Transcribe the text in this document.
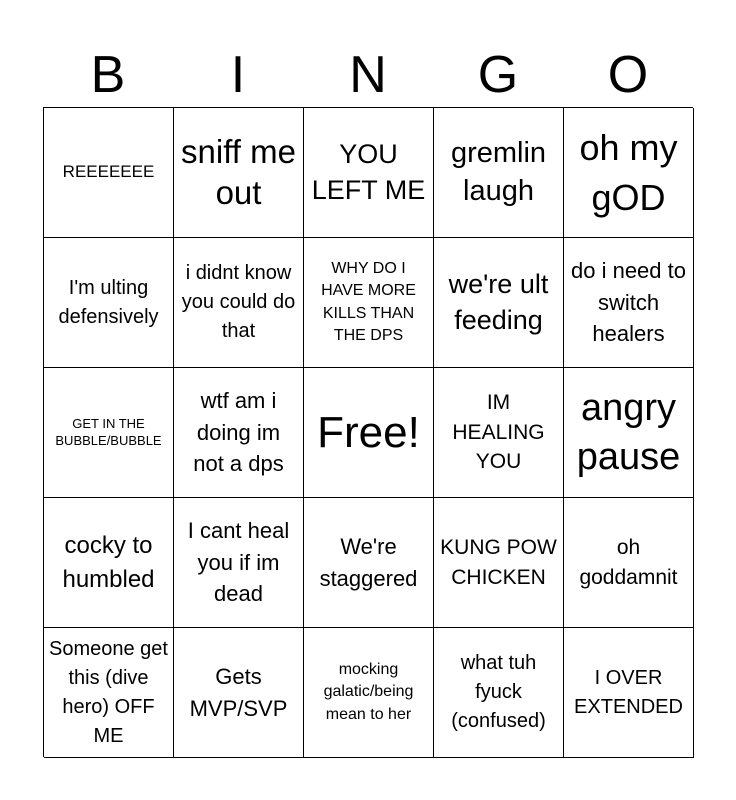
B	I	N	G	O
REEEEEEE
sniff me out
YOU LEFT ME
gremlin laugh
oh my gOD
I'm ulting defensively
i didnt know you could do that
WHY DO I HAVE MORE KILLS THAN THE DPS
we're ult feeding
do i need to switch healers
GET IN THE BUBBLE/BUBBLE
wtf am i doing im not a dps
Free!
IM HEALING YOU
angry pause
cocky to humbled
I cant heal you if im dead
We're staggered
KUNG POW CHICKEN
oh goddamnit
Someone get this (dive hero) OFF ME
Gets MVP/SVP
mocking galatic/being mean to her
what tuh fyuck (confused)
I OVER EXTENDED
